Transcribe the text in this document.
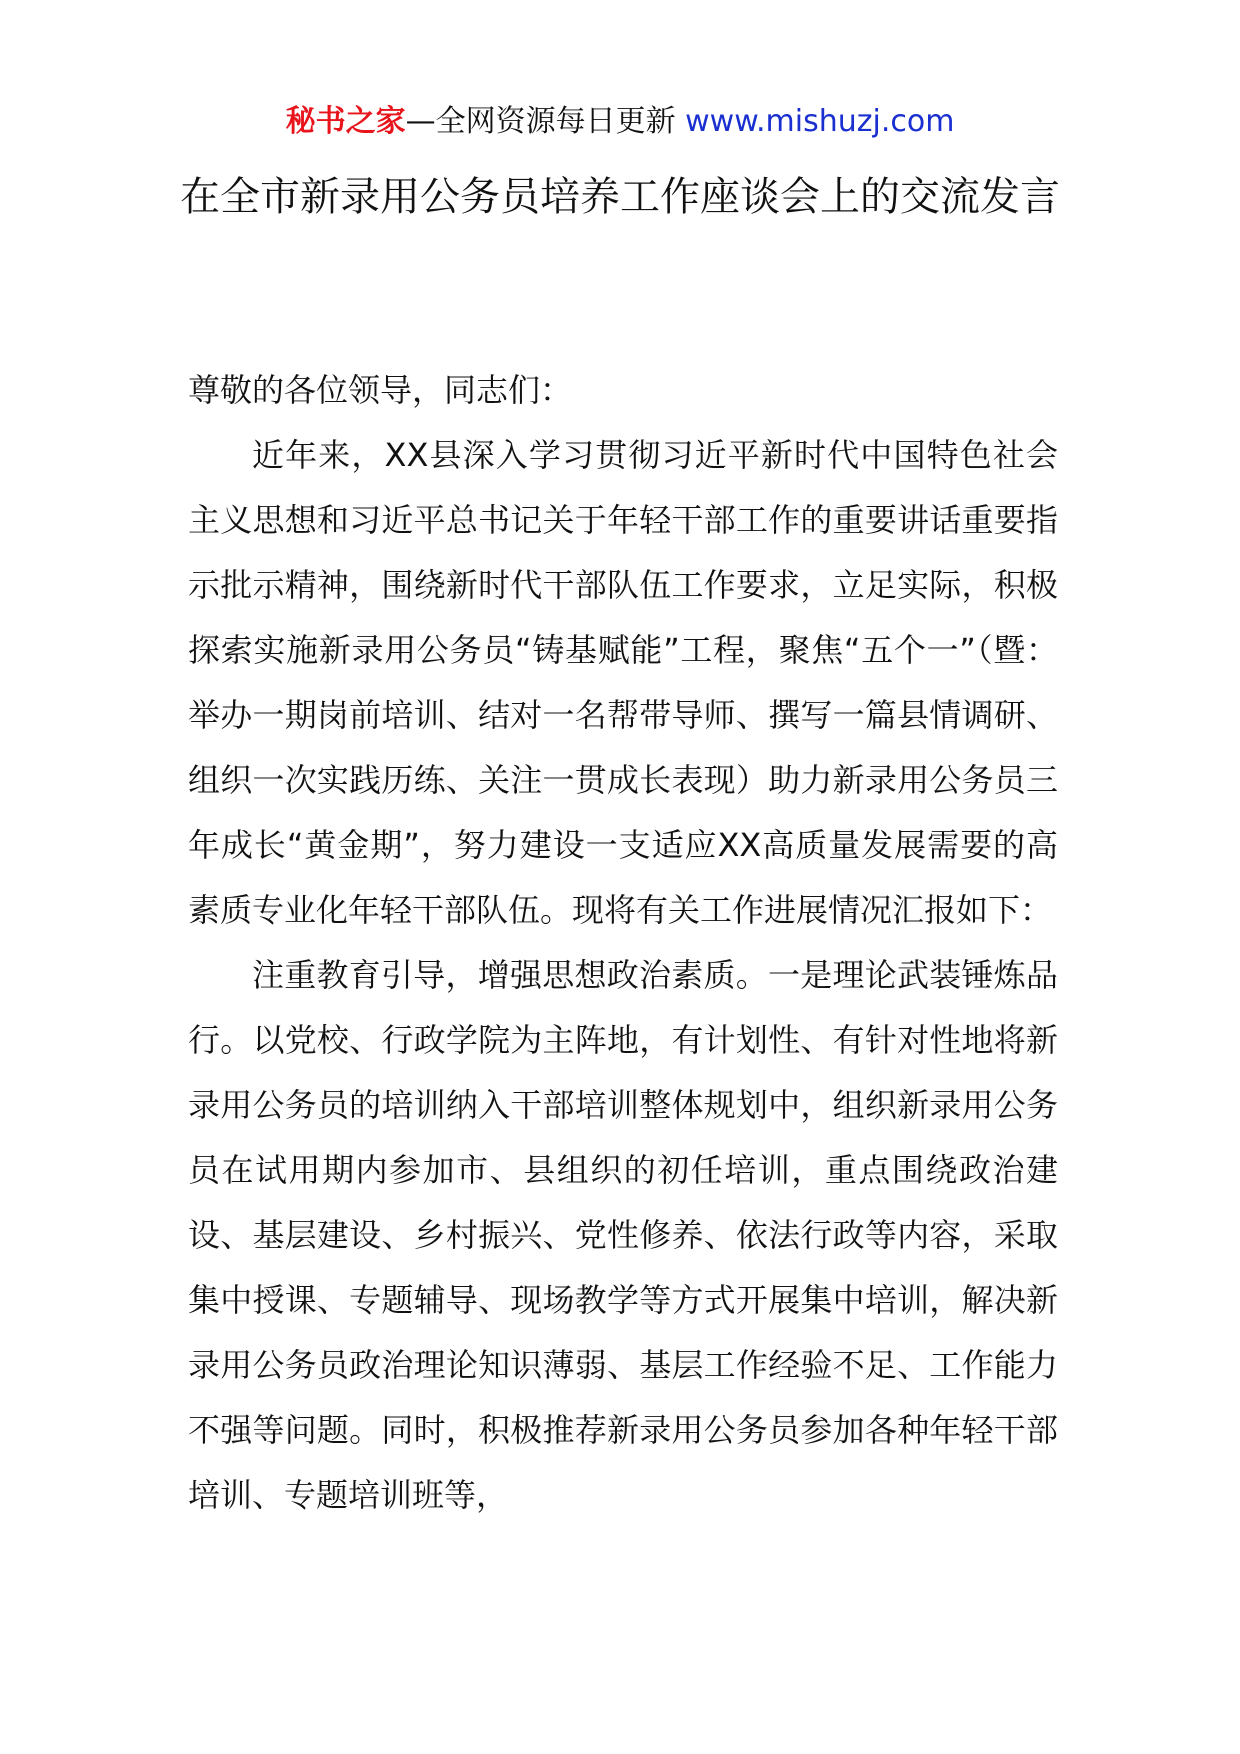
秘书之家—全网资源每日更新 www.mishuzj.com
在全市新录用公务员培养工作座谈会上的交流发言

尊敬的各位领导，同志们：

近年来，XX县深入学习贯彻习近平新时代中国特色社会主义思想和习近平总书记关于年轻干部工作的重要讲话重要指示批示精神，围绕新时代干部队伍工作要求，立足实际，积极探索实施新录用公务员“铸基赋能”工程，聚焦“五个一”（暨：举办一期岗前培训、结对一名帮带导师、撰写一篇县情调研、组织一次实践历练、关注一贯成长表现）助力新录用公务员三年成长“黄金期”，努力建设一支适应XX高质量发展需要的高素质专业化年轻干部队伍。现将有关工作进展情况汇报如下：

注重教育引导，增强思想政治素质。一是理论武装锤炼品行。以党校、行政学院为主阵地，有计划性、有针对性地将新录用公务员的培训纳入干部培训整体规划中，组织新录用公务员在试用期内参加市、县组织的初任培训，重点围绕政治建设、基层建设、乡村振兴、党性修养、依法行政等内容，采取集中授课、专题辅导、现场教学等方式开展集中培训，解决新录用公务员政治理论知识薄弱、基层工作经验不足、工作能力不强等问题。同时，积极推荐新录用公务员参加各种年轻干部培训、专题培训班等，
